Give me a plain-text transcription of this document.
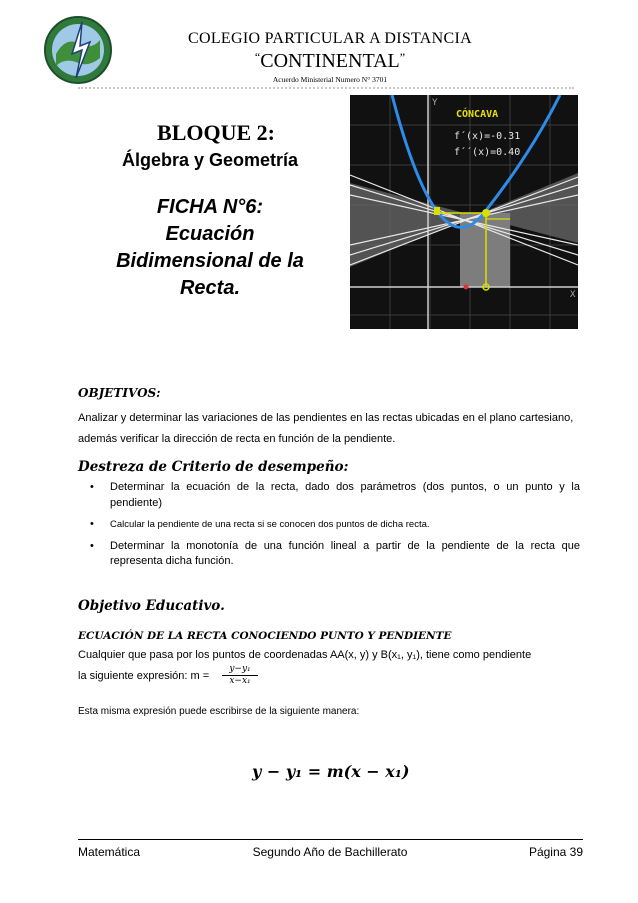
COLEGIO PARTICULAR A DISTANCIA
“CONTINENTAL”
Acuerdo Ministerial Numero N° 3701
BLOQUE 2:
Álgebra y Geometría
FICHA N°6:
Ecuación
Bidimensional de la
Recta.
CÓNCAVA
f´(x)=-0.31
f´´(x)=0.40
X
Y
OBJETIVOS:
Analizar y determinar las variaciones de las pendientes en las rectas ubicadas en el plano cartesiano, además verificar la dirección de recta en función de la pendiente.
Destreza de Criterio de desempeño:
• Determinar la ecuación de la recta, dado dos parámetros (dos puntos, o un punto y la pendiente)
• Calcular la pendiente de una recta si se conocen dos puntos de dicha recta.
• Determinar la monotonía de una función lineal a partir de la pendiente de la recta que representa dicha función.
Objetivo Educativo.
ECUACIÓN DE LA RECTA CONOCIENDO PUNTO Y PENDIENTE
Cualquier que pasa por los puntos de coordenadas AA(x, y) y B(x₁, y₁), tiene como pendiente
la siguiente expresión: $m = \frac{\text{y−y₁}}{\text{x−x₁}}$
Esta misma expresión puede escribirse de la siguiente manera:
y − y₁ = m(x − x₁)
Matemática	Segundo Año de Bachillerato	Página 39
